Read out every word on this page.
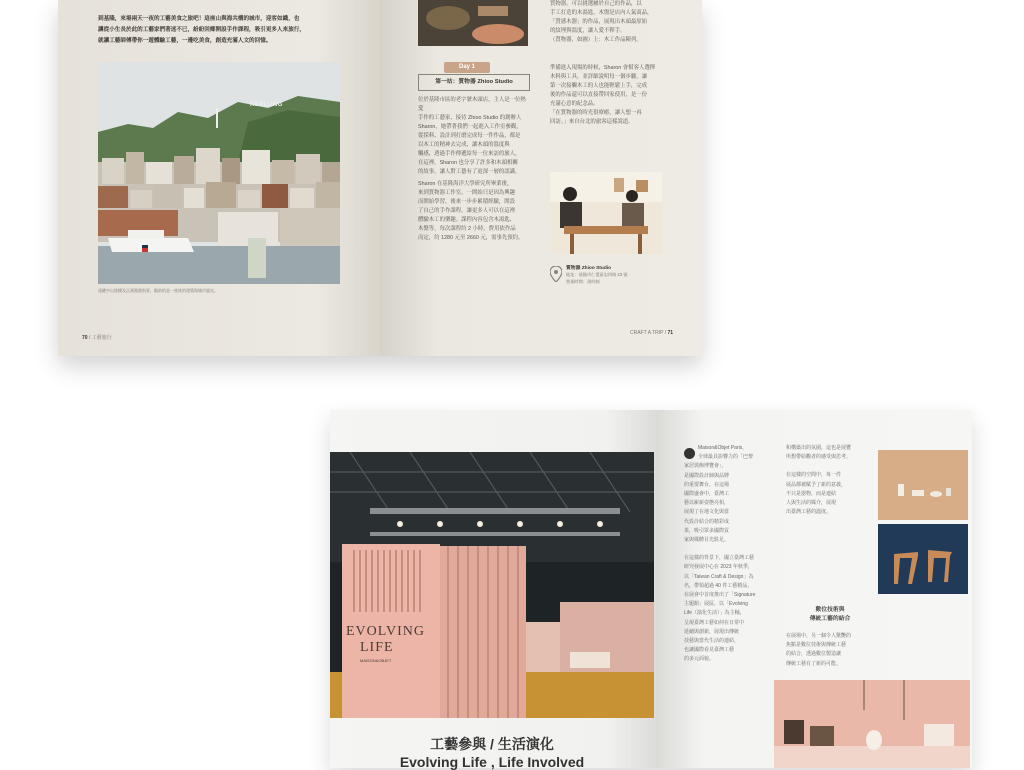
到基隆，來場兩天一夜的工藝美食之旅吧！這座山與海共構的城市，迎客如織，也
讓從小生長於此的工藝家們著迷不已，紛紛回鄉開設手作課程，吸引更多人來旅行，
就讓工藝師傅帶你一遊體驗工藝，一邊吃美食，創造充滿人文的回憶。
KEELUNG
遠眺中山陸橋及正濱漁港街景，眼前的是一座座的建築與城市風光。
70 / 工藝旅行
Day 1
第一站：質物器 Zhioo Studio
位於基隆市區的老字號木頭店，主人是一位熱愛
手作的工藝家，接待 Zhioo Studio 的創辦人
Sharon，她帶著我們一起進入工作室參觀，
從採料、設計到打磨完成每一件作品，都是
以木工的精神去完成，讓木頭的溫度與
觸感，透過手作傳遞給每一位來訪的旅人，
在這裡，Sharon 也分享了許多和木頭相關
的故事，讓人對工藝有了更深一層的認識。
Sharon 在基隆海洋大學研究所畢業後，
來到質物器工作室，一開始只是因為興趣
而開始學習，後來一步步累積經驗，開設
了自己的手作課程，讓更多人可以在這裡
體驗木工的樂趣。課程內容包含木湯匙、
木盤等，每次課程約 2 小時，費用依作品
而定，約 1280 元至 2660 元，需事先預約。
質物器，可以挑選屬於自己的作品，以
手工打造的木湯匙、木盤是店內人氣商品，
「質感木器」的作品，展現出木頭最原始
的紋理與溫度，讓人愛不釋手。
（質物器，如圖）上：木工作品陳列。
準備進入現場的時候，Sharon 會幫客人選擇
木料與工具，並詳細說明每一個步驟，讓
第一次接觸木工的人也能輕鬆上手，完成
後的作品還可以直接帶回家使用，是一份
充滿心意的紀念品。
「在質物器的時光很療癒，讓人想一再
回訪。」來自台北的旅客這樣說道。
質物器 Zhioo Studio
地址：基隆市仁愛區忠四路 23 號
營業時間：預約制
CRAFT A TRIP / 71
EVOLVING
LIFE
MAISON&OBJET
工藝參與 / 生活演化
Evolving Life , Life Involved
Maison&Objet Paris，
全球最具影響力的「巴黎
家居裝飾博覽會」，
是國際設計師與品牌
的重要舞台。在這場
國際盛會中，臺灣工
藝以嶄新姿態亮相，
展現了在地文化與當
代設計結合的精彩成
果，吸引眾多國際買
家與媒體目光駐足。
在這樣的背景下，國立臺灣工藝
研究發展中心在 2023 年秋季，
以「Taiwan Craft & Design」為
名，帶領超過 40 件工藝精品，
在展會中首度推出了「Signature
主題館」展區，以「Evolving
Life（演化生活）」為主軸，
呈現臺灣工藝如何在日常中
延續與創新，展現出傳統
技藝與當代生活的連結，
也讓國際看見臺灣工藝
的多元面貌。
和構築出的氛圍，這也是展覽
所想帶給觀者的感受與思考。
在這樣的空間中，每一件
展品都被賦予了新的意義，
不只是器物，而是連結
人與生活的媒介，展現
出臺灣工藝的溫度。
數位技術與
傳統工藝的結合
在展場中，另一個令人驚艷的
焦點是數位技術與傳統工藝
的結合，透過數位製造讓
傳統工藝有了新的可能。
